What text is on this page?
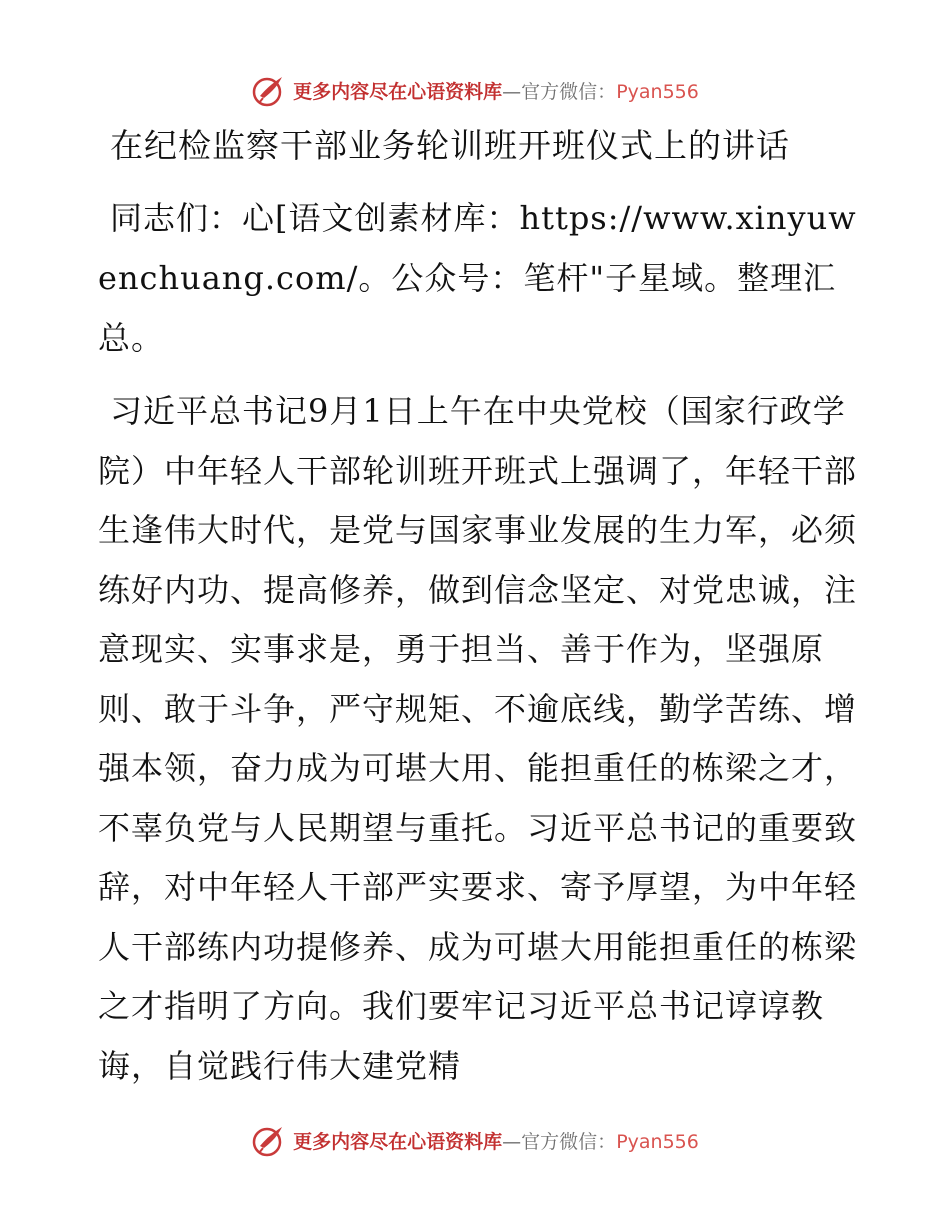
更多内容尽在心语资料库—官方微信：Pyan556
在纪检监察干部业务轮训班开班仪式上的讲话

同志们：心[语文创素材库：https://www.xinyuwenchuang.com/。公众号：笔杆"子星域。整理汇总。

习近平总书记9月1日上午在中央党校（国家行政学院）中年轻人干部轮训班开班式上强调了，年轻干部生逢伟大时代，是党与国家事业发展的生力军，必须练好内功、提高修养，做到信念坚定、对党忠诚，注意现实、实事求是，勇于担当、善于作为，坚强原则、敢于斗争，严守规矩、不逾底线，勤学苦练、增强本领，奋力成为可堪大用、能担重任的栋梁之才，不辜负党与人民期望与重托。习近平总书记的重要致辞，对中年轻人干部严实要求、寄予厚望，为中年轻人干部练内功提修养、成为可堪大用能担重任的栋梁之才指明了方向。我们要牢记习近平总书记谆谆教诲，自觉践行伟大建党精

更多内容尽在心语资料库—官方微信：Pyan556
